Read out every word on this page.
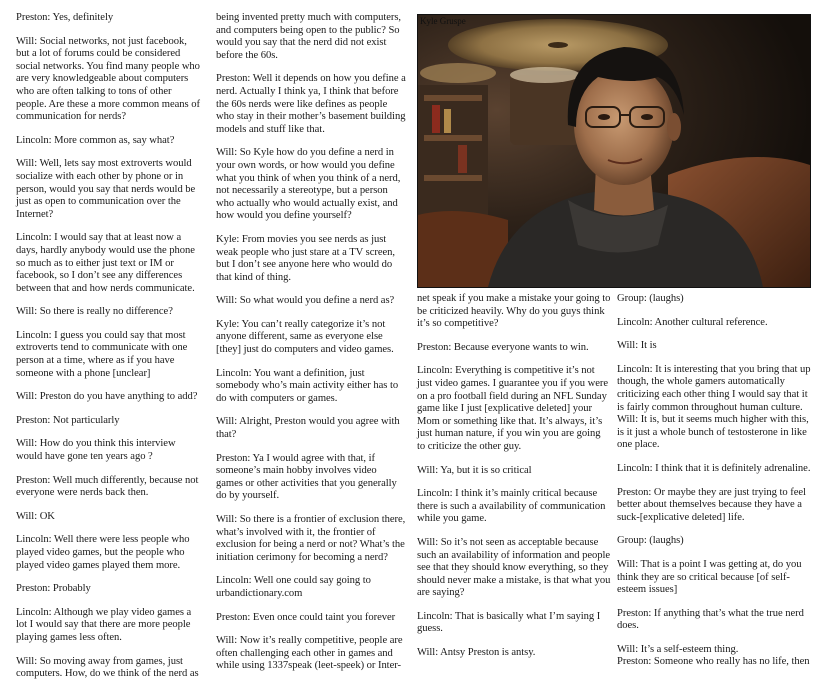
Preston: Yes, definitely

Will: Social networks, not just facebook, but a lot of forums could be considered social networks. You find many people who are very knowledgeable about computers who are often talking to tons of other people. Are these a more common means of communication for nerds?

Lincoln: More common as, say what?

Will: Well, lets say most extroverts would socialize with each other by phone or in person, would you say that nerds would be just as open to communication over the Internet?

Lincoln: I would say that at least now a days, hardly anybody would use the phone so much as to either just text or IM or facebook, so I don’t see any differences between that and how nerds communicate.

Will: So there is really no difference?

Lincoln: I guess you could say that most extroverts tend to communicate with one person at a time, where as if you have someone with a phone [unclear]

Will: Preston do you have anything to add?

Preston: Not particularly

Will: How do you think this interview would have gone ten years ago ?

Preston: Well much differently, because not everyone were nerds back then.

Will: OK

Lincoln: Well there were less people who played video games, but the people who played video games played them more.

Preston: Probably

Lincoln: Although we play video games a lot I would say that there are more people playing games less often.

Will: So moving away from games, just computers. How, do we think of the nerd as

being invented pretty much with computers, and computers being open to the public? So would you say that the nerd did not exist before the 60s.

Preston: Well it depends on how you define a nerd. Actually I think ya, I think that before the 60s nerds were like defines as people who stay in their mother’s basement building models and stuff like that.

Will: So Kyle how do you define a nerd in your own words, or how would you define what you think of when you think of a nerd, not necessarily a stereotype, but a person who actually who would actually exist, and how would you define yourself?

Kyle: From movies you see nerds as just weak people who just stare at a TV screen, but I don’t see anyone here who would do that kind of thing.

Will: So what would you define a nerd as?

Kyle: You can’t really categorize it’s not anyone different, same as everyone else [they] just do computers and video games.

Lincoln: You want a definition, just somebody who’s main activity either has to do with computers or games.

Will: Alright, Preston would you agree with that?

Preston: Ya I would agree with that, if someone’s main hobby involves video games or other activities that you generally do by yourself.

Will: So there is a frontier of exclusion there, what’s involved with it, the frontier of exclusion for being a nerd or not? What’s the initiation cerimony for becoming a nerd?

Lincoln: Well one could say going to urbandictionary.com

Preston: Even once could taint you forever

Will: Now it’s really competitive, people are often challenging each other in games and while using 1337speak (leet-speek) or Inter-

Kyle Gruspe

net speak if you make a mistake your going to be criticized heavily. Why do you guys think it’s so competitive?

Preston: Because everyone wants to win.

Lincoln: Everything is competitive it’s not just video games. I guarantee you if you were on a pro football field during an NFL Sunday game like I just [explicative deleted] your Mom or something like that. It’s always, it’s just human nature, if you win you are going to criticize the other guy.

Will: Ya, but it is so critical

Lincoln: I think it’s mainly critical because there is such a availability of communication while you game.

Will: So it’s not seen as acceptable because such an availability of information and people see that they should know everything, so they should never make a mistake, is that what you are saying?

Lincoln: That is basically what I’m saying I guess.

Will: Antsy Preston is antsy.

Group: (laughs)

Lincoln: Another cultural reference.

Will: It is

Lincoln: It is interesting that you bring that up though, the whole gamers automatically criticizing each other thing I would say that it is fairly common throughout human culture. Will: It is, but it seems much higher with this, is it just a whole bunch of testosterone in like one place.

Lincoln: I think that it is definitely adrenaline.

Preston: Or maybe they are just trying to feel better about themselves because they have a suck-[explicative deleted] life.

Group: (laughs)

Will: That is a point I was getting at, do you think they are so critical because [of self-esteem issues]

Preston: If anything that’s what the true nerd does.

Will: It’s a self-esteem thing.

Preston: Someone who really has no life, then
